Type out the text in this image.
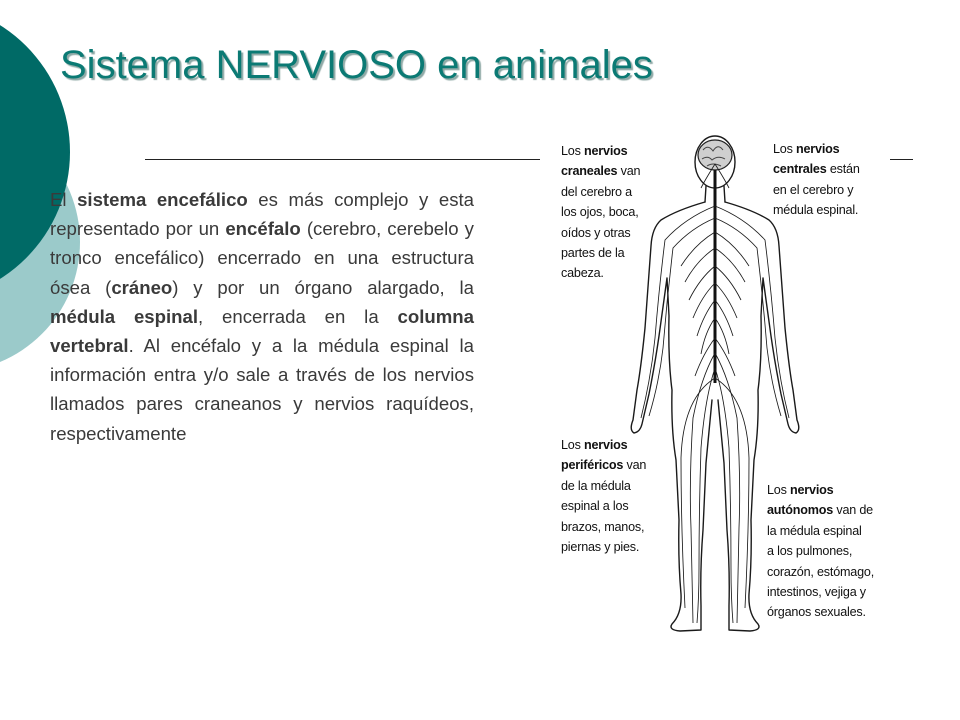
Sistema NERVIOSO en animales

El sistema encefálico es más complejo y esta representado por un encéfalo (cerebro, cerebelo y tronco encefálico) encerrado en una estructura ósea (cráneo) y por un órgano alargado, la médula espinal, encerrada en la columna vertebral. Al encéfalo y a la médula espinal la información entra y/o sale a través de los nervios llamados pares craneanos y nervios raquídeos, respectivamente

Los nervios
craneales van
del cerebro a
los ojos, boca,
oídos y otras
partes de la
cabeza.
Los nervios
centrales están
en el cerebro y
médula espinal.
Los nervios
periféricos van
de la médula
espinal a los
brazos, manos,
piernas y pies.
Los nervios
autónomos van de
la médula espinal
a los pulmones,
corazón, estómago,
intestinos, vejiga y
órganos sexuales.
